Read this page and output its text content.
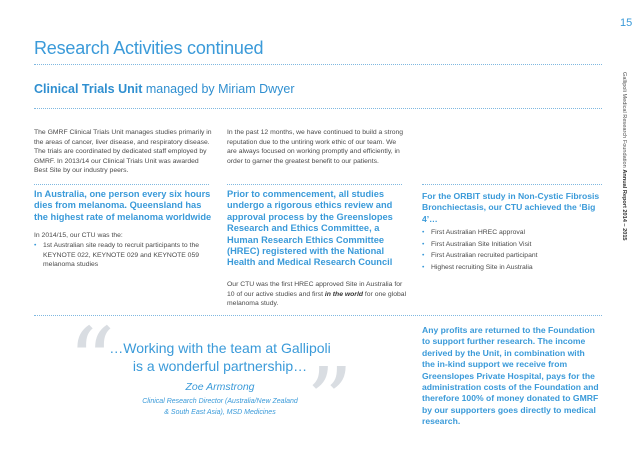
15
Research Activities continued
Clinical Trials Unit managed by Miriam Dwyer	Gallipoli Medical Research Foundation Annual Report 2014 – 2015
The GMRF Clinical Trials Unit manages studies primarily in the areas of cancer, liver disease, and respiratory disease. The trials are coordinated by dedicated staff employed by GMRF. In 2013/14 our Clinical Trials Unit was awarded Best Site by our industry peers.
In the past 12 months, we have continued to build a strong reputation due to the untiring work ethic of our team. We are always focused on working promptly and efficiently, in order to garner the greatest benefit to our patients.
In Australia, one person every six hours dies from melanoma. Queensland has the highest rate of melanoma worldwide
In 2014/15, our CTU was the:
• 1st Australian site ready to recruit participants to the KEYNOTE 022, KEYNOTE 029 and KEYNOTE 059 melanoma studies
Prior to commencement, all studies undergo a rigorous ethics review and approval process by the Greenslopes Research and Ethics Committee, a Human Research Ethics Committee (HREC) registered with the National Health and Medical Research Council
Our CTU was the first HREC approved Site in Australia for 10 of our active studies and first in the world for one global melanoma study.
For the ORBIT study in Non-Cystic Fibrosis Bronchiectasis, our CTU achieved the ‘Big 4’…
• First Australian HREC approval
• First Australian Site Initiation Visit
• First Australian recruited participant
• Highest recruiting Site in Australia
“ ”
…Working with the team at Gallipoli
is a wonderful partnership…
Zoe Armstrong
Clinical Research Director (Australia/New Zealand
& South East Asia), MSD Medicines
Any profits are returned to the Foundation to support further research. The income derived by the Unit, in combination with the in-kind support we receive from Greenslopes Private Hospital, pays for the administration costs of the Foundation and therefore 100% of money donated to GMRF by our supporters goes directly to medical research.
